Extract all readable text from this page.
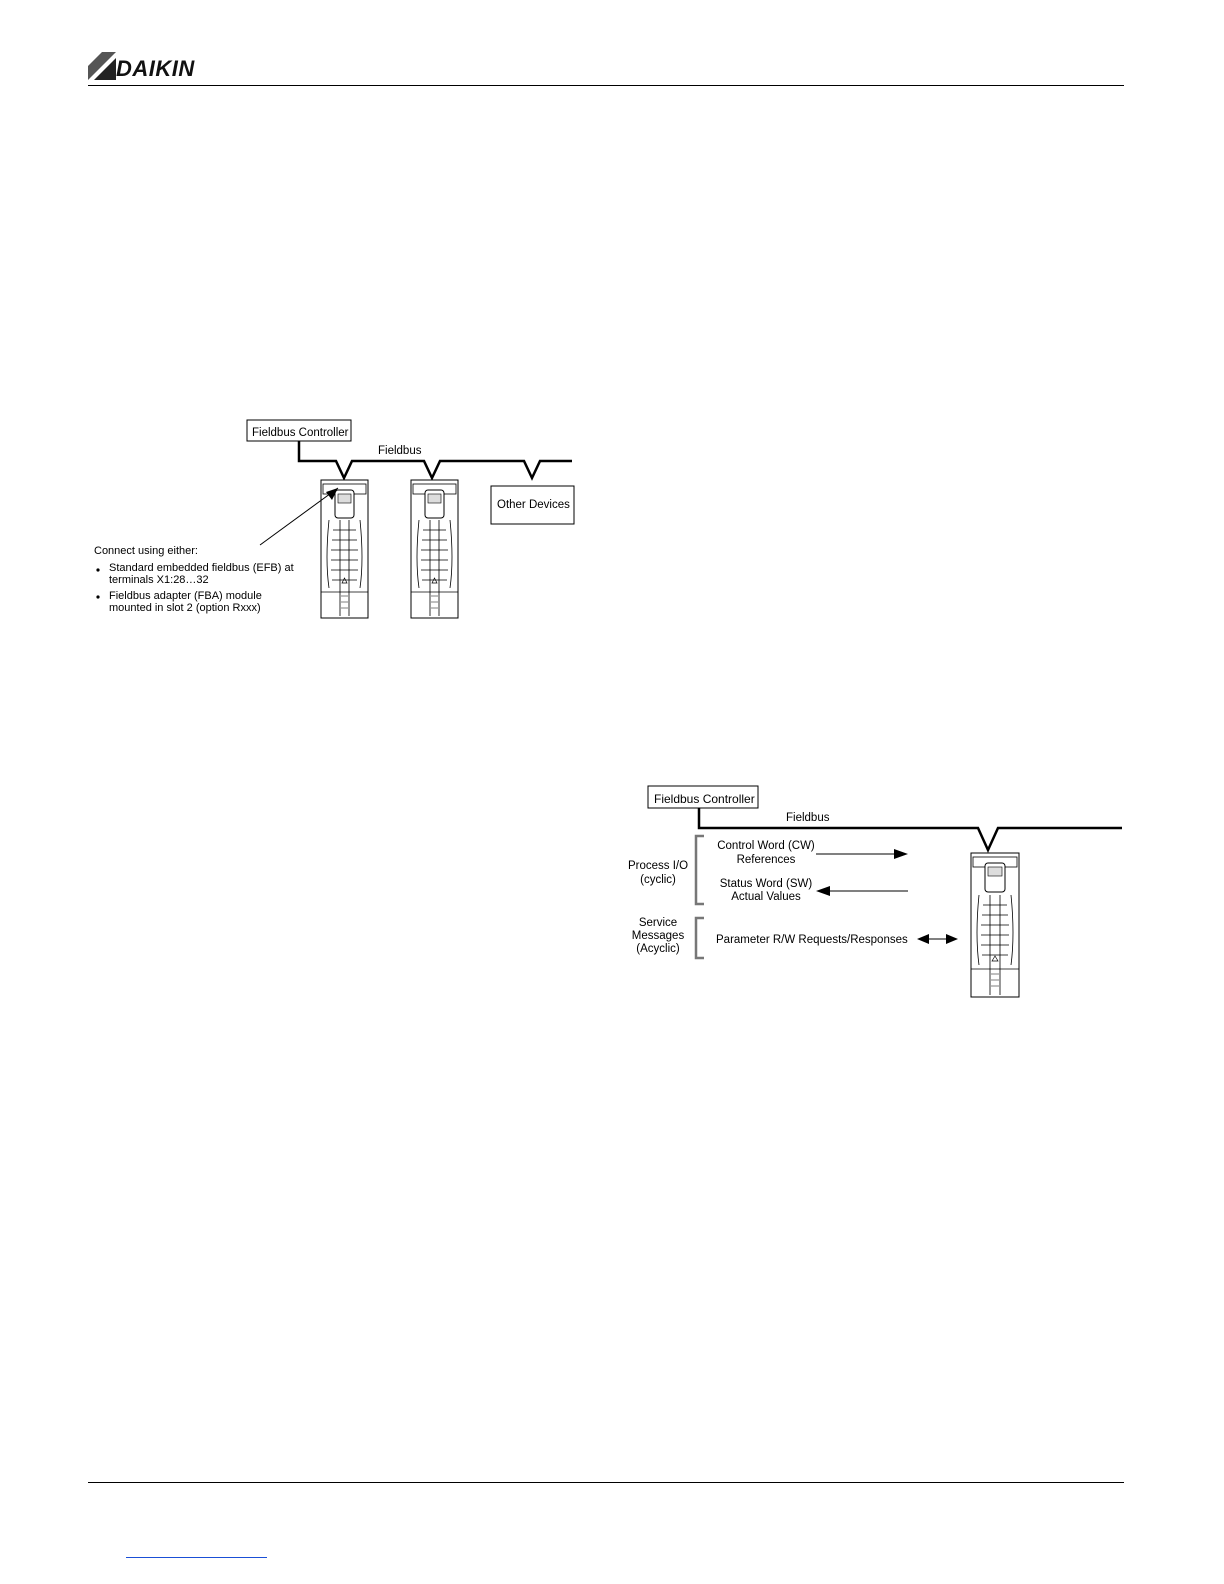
DAIKIN
Fieldbus Controller
Fieldbus
Other Devices
Connect using either:
Standard embedded fieldbus (EFB) at
terminals X1:28…32
Fieldbus adapter (FBA) module
mounted in slot 2 (option Rxxx)
Fieldbus Controller
Fieldbus
Process I/O
(cyclic)
Service
Messages
(Acyclic)
Control Word (CW)
References
Status Word (SW)
Actual Values
Parameter R/W Requests/Responses
